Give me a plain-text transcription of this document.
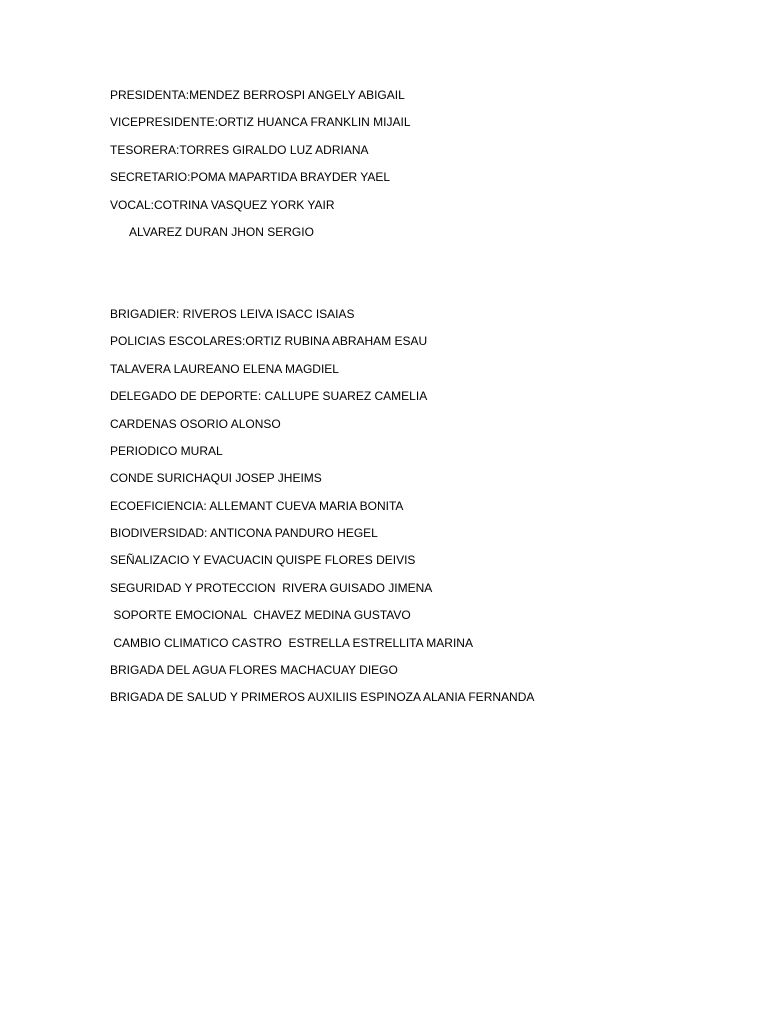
PRESIDENTA:MENDEZ BERROSPI ANGELY ABIGAIL
VICEPRESIDENTE:ORTIZ HUANCA FRANKLIN MIJAIL
TESORERA:TORRES GIRALDO LUZ ADRIANA
SECRETARIO:POMA MAPARTIDA BRAYDER YAEL
VOCAL:COTRINA VASQUEZ YORK YAIR
ALVAREZ DURAN JHON SERGIO
BRIGADIER: RIVEROS LEIVA ISACC ISAIAS
POLICIAS ESCOLARES:ORTIZ RUBINA ABRAHAM ESAU
TALAVERA LAUREANO ELENA MAGDIEL
DELEGADO DE DEPORTE: CALLUPE SUAREZ CAMELIA
CARDENAS OSORIO ALONSO
PERIODICO MURAL
CONDE SURICHAQUI JOSEP JHEIMS
ECOEFICIENCIA: ALLEMANT CUEVA MARIA BONITA
BIODIVERSIDAD: ANTICONA PANDURO HEGEL
SEÑALIZACIO Y EVACUACIN QUISPE FLORES DEIVIS
SEGURIDAD Y PROTECCION  RIVERA GUISADO JIMENA
SOPORTE EMOCIONAL  CHAVEZ MEDINA GUSTAVO
CAMBIO CLIMATICO CASTRO  ESTRELLA ESTRELLITA MARINA
BRIGADA DEL AGUA FLORES MACHACUAY DIEGO
BRIGADA DE SALUD Y PRIMEROS AUXILIIS ESPINOZA ALANIA FERNANDA
